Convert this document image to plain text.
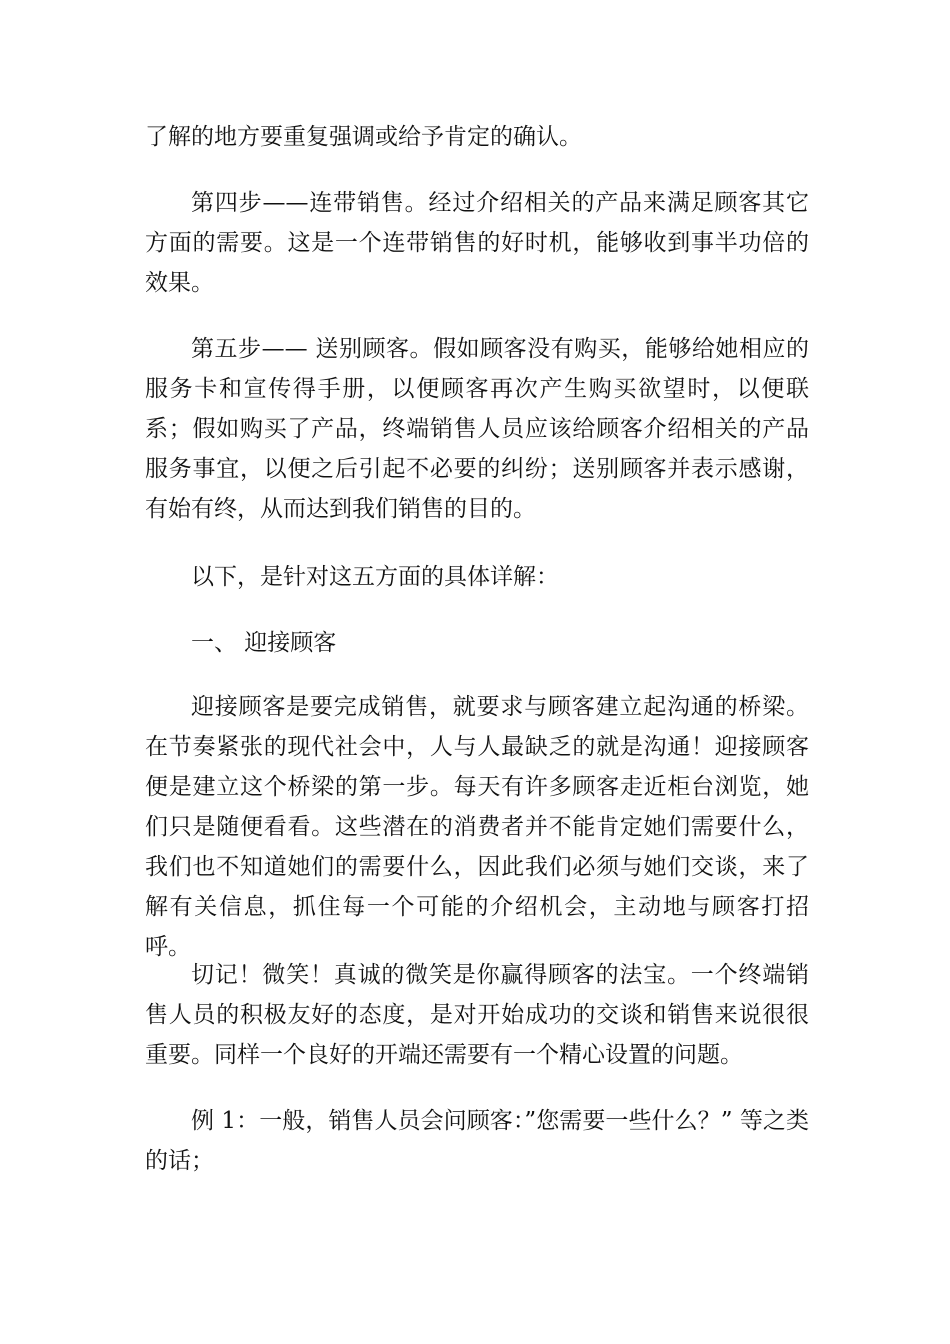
了解的地方要重复强调或给予肯定的确认。

第四步——连带销售。经过介绍相关的产品来满足顾客其它方面的需要。这是一个连带销售的好时机，能够收到事半功倍的效果。

第五步—— 送别顾客。假如顾客没有购买，能够给她相应的服务卡和宣传得手册，以便顾客再次产生购买欲望时，以便联系；假如购买了产品，终端销售人员应该给顾客介绍相关的产品服务事宜，以便之后引起不必要的纠纷；送别顾客并表示感谢，有始有终，从而达到我们销售的目的。

以下，是针对这五方面的具体详解：

一、 迎接顾客

迎接顾客是要完成销售，就要求与顾客建立起沟通的桥梁。在节奏紧张的现代社会中，人与人最缺乏的就是沟通！迎接顾客便是建立这个桥梁的第一步。每天有许多顾客走近柜台浏览，她们只是随便看看。这些潜在的消费者并不能肯定她们需要什么，我们也不知道她们的需要什么，因此我们必须与她们交谈，来了解有关信息，抓住每一个可能的介绍机会，主动地与顾客打招呼。

切记！微笑！真诚的微笑是你赢得顾客的法宝。一个终端销售人员的积极友好的态度，是对开始成功的交谈和销售来说很很重要。同样一个良好的开端还需要有一个精心设置的问题。

例 1：一般，销售人员会问顾客：”您需要一些什么？” 等之类的话；
